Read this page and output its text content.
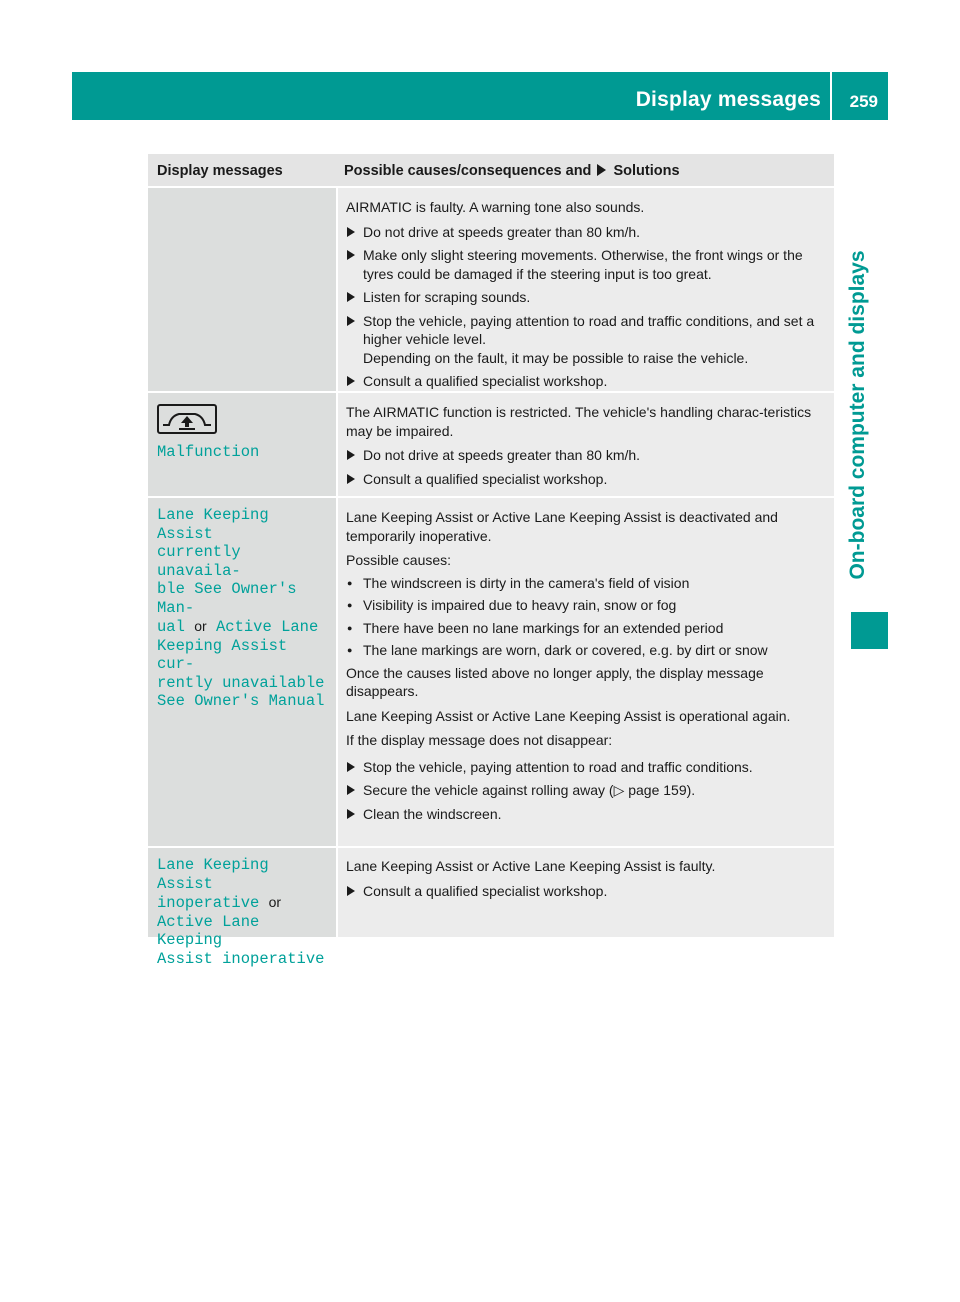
Display messages 259
On-board computer and displays
Display messages	Possible causes/consequences and Solutions

AIRMATIC is faulty. A warning tone also sounds.

Do not drive at speeds greater than 80 km/h.
Make only slight steering movements. Otherwise, the front wings or the tyres could be damaged if the steering input is too great.
Listen for scraping sounds.
Stop the vehicle, paying attention to road and traffic conditions, and set a higher vehicle level.
Depending on the fault, it may be possible to raise the vehicle.
Consult a qualified specialist workshop.
Malfunction

The AIRMATIC function is restricted. The vehicle's handling charac-teristics may be impaired.

Do not drive at speeds greater than 80 km/h.
Consult a qualified specialist workshop.
Lane Keeping Assist
currently unavaila‐
ble See Owner's Man‐
ual or Active Lane
Keeping Assist cur‐
rently unavailable
See Owner's Manual

Lane Keeping Assist or Active Lane Keeping Assist is deactivated and temporarily inoperative.

Possible causes:

● The windscreen is dirty in the camera's field of vision
● Visibility is impaired due to heavy rain, snow or fog
● There have been no lane markings for an extended period
● The lane markings are worn, dark or covered, e.g. by dirt or snow

Once the causes listed above no longer apply, the display message disappears.

Lane Keeping Assist or Active Lane Keeping Assist is operational again.

If the display message does not disappear:

Stop the vehicle, paying attention to road and traffic conditions.
Secure the vehicle against rolling away (▷ page 159).
Clean the windscreen.
Lane Keeping Assist
inoperative or
Active Lane Keeping
Assist inoperative

Lane Keeping Assist or Active Lane Keeping Assist is faulty.

Consult a qualified specialist workshop.
